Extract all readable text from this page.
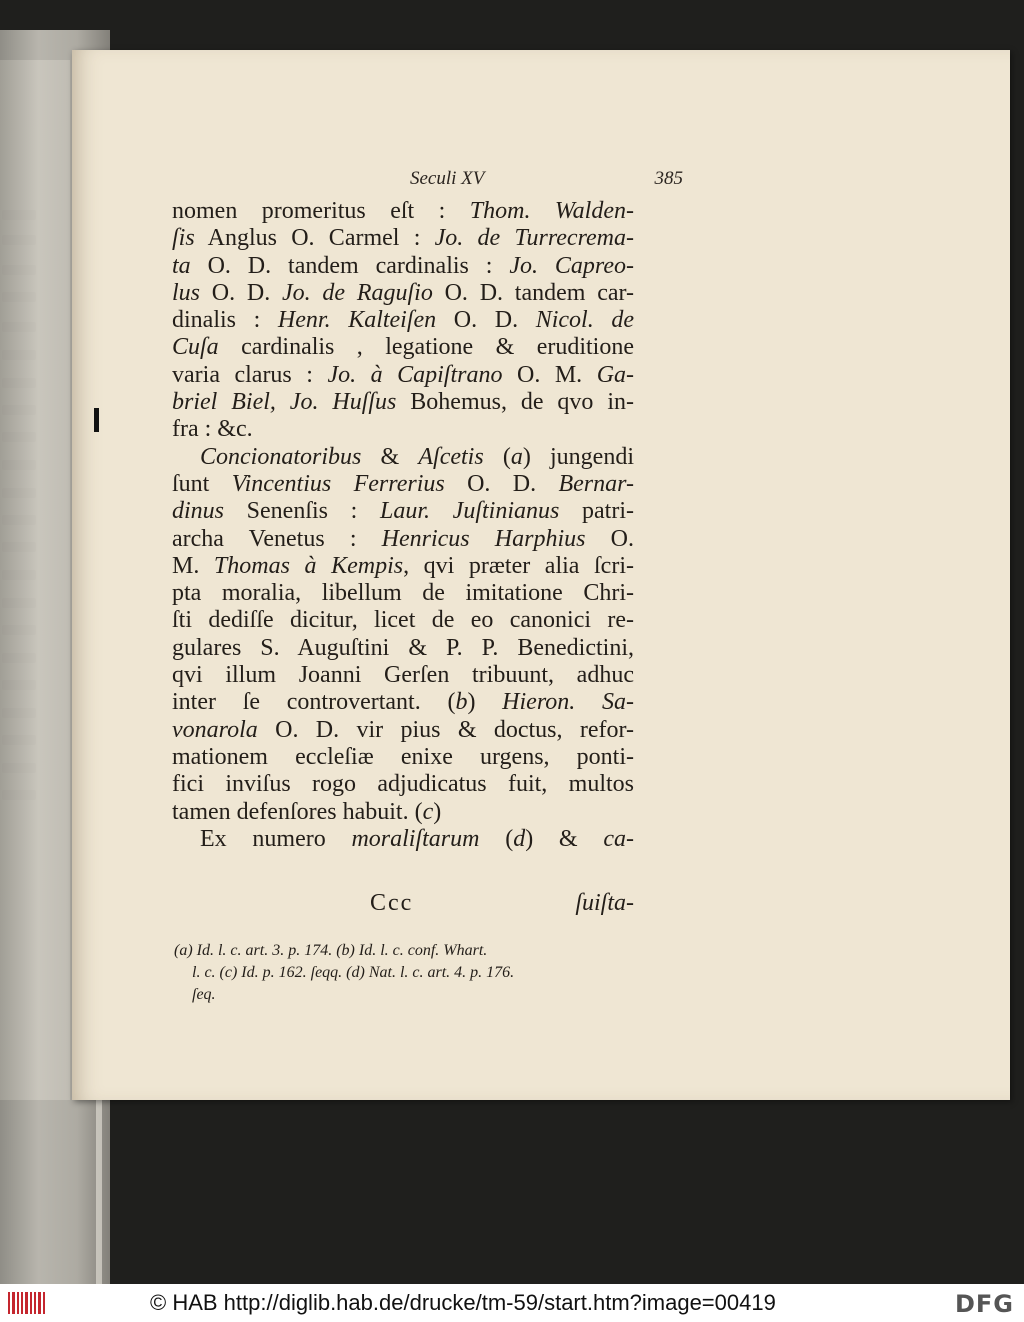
Seculi XV	385
nomen promeritus eſt : Thom. Walden-
ſis Anglus O. Carmel : Jo. de Turrecrema-
ta O. D. tandem cardinalis : Jo. Capreo-
lus O. D. Jo. de Raguſio O. D. tandem car-
dinalis : Henr. Kalteiſen O. D. Nicol. de
Cuſa cardinalis , legatione & eruditione
varia clarus : Jo. à Capiſtrano O. M. Ga-
briel Biel, Jo. Huſſus Bohemus, de qvo in-
fra : &c.
Concionatoribus & Aſcetis (a) jungendi
ſunt Vincentius Ferrerius O. D. Bernar-
dinus Senenſis : Laur. Juſtinianus patri-
archa Venetus : Henricus Harphius O.
M. Thomas à Kempis, qvi præter alia ſcri-
pta moralia, libellum de imitatione Chri-
ſti dediſſe dicitur, licet de eo canonici re-
gulares S. Auguſtini & P. P. Benedictini,
qvi illum Joanni Gerſen tribuunt, adhuc
inter ſe controvertant. (b) Hieron. Sa-
vonarola O. D. vir pius & doctus, refor-
mationem eccleſiæ enixe urgens, ponti-
fici inviſus rogo adjudicatus fuit, multos
tamen defenſores habuit. (c)
Ex numero moraliſtarum (d) & ca-
Ccc	ſuiſta-
(a) Id. l. c. art. 3. p. 174. (b) Id. l. c. conf. Whart.
l. c. (c) Id. p. 162. ſeqq. (d) Nat. l. c. art. 4. p. 176.
ſeq.
© HAB http://diglib.hab.de/drucke/tm-59/start.htm?image=00419	DFG
